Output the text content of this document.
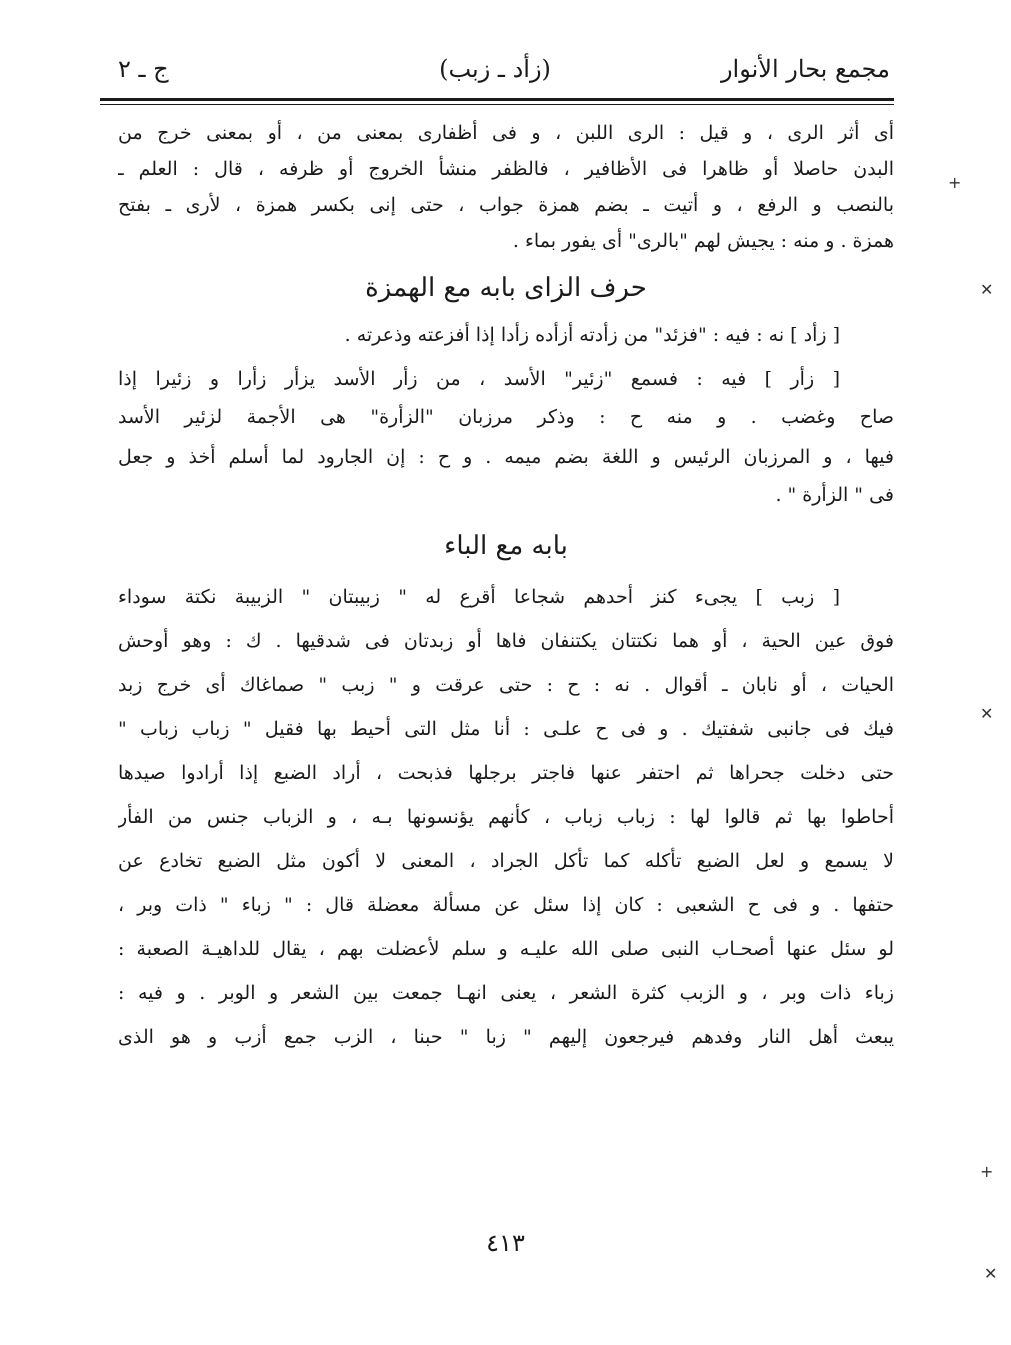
مجمع بحار الأنوار
(زأد ـ زبب)
ج ـ ٢
أى أثر الرى ، و قيل : الرى اللبن ، و فى أظفارى بمعنى من ، أو بمعنى خرج من
البدن حاصلا أو ظاهرا فى الأظافير ، فالظفر منشأ الخروج أو ظرفه ، قال : العلم ـ
بالنصب و الرفع ، و أتيت ـ بضم همزة جواب ، حتى إنى بكسر همزة ، لأرى ـ بفتح
همزة . و منه : يجيش لهم "بالرى" أى يفور بماء .
حرف الزاى بابه مع الهمزة
[ زأد ] نه : فيه : "فزئد" من زأدته أزأده زأدا إذا أفزعته وذعرته .
[ زأر ] فيه : فسمع "زئير" الأسد ، من زأر الأسد يزأر زأرا و زئيرا إذا
صاح وغضب . و منه ح : وذكر مرزبان "الزأرة" هى الأجمة لزئير الأسد
فيها ، و المرزبان الرئيس و اللغة بضم ميمه . و ح : إن الجارود لما أسلم أخذ و جعل
فى " الزأرة " .
بابه مع الباء
[ زبب ] يجىء كنز أحدهم شجاعا أقرع له " زبيبتان " الزبيبة نكتة سوداء
فوق عين الحية ، أو هما نكتتان يكتنفان فاها أو زبدتان فى شدقيها . ك : وهو أوحش
الحيات ، أو نابان ـ أقوال . نه : ح : حتى عرقت و " زبب " صماغاك أى خرج زبد
فيك فى جانبى شفتيك . و فى ح علـى : أنا مثل التى أحيط بها فقيل " زباب زباب "
حتى دخلت جحراها ثم احتفر عنها فاجتر برجلها فذبحت ، أراد الضبع إذا أرادوا صيدها
أحاطوا بها ثم قالوا لها : زباب زباب ، كأنهم يؤنسونها بـه ، و الزباب جنس من الفأر
لا يسمع و لعل الضبع تأكله كما تأكل الجراد ، المعنى لا أكون مثل الضبع تخادع عن
حتفها . و فى ح الشعبى : كان إذا سئل عن مسألة معضلة قال : " زباء " ذات وبر ،
لو سئل عنها أصحـاب النبى صلى الله عليـه و سلم لأعضلت بهم ، يقال للداهيـة الصعبة :
زباء ذات وبر ، و الزبب كثرة الشعر ، يعنى انهـا جمعت بين الشعر و الوبر . و فيه :
يبعث أهل النار وفدهم فيرجعون إليهم " زبا " حبنا ، الزب جمع أزب و هو الذى
٤١٣
+
✕
✕
+
✕
